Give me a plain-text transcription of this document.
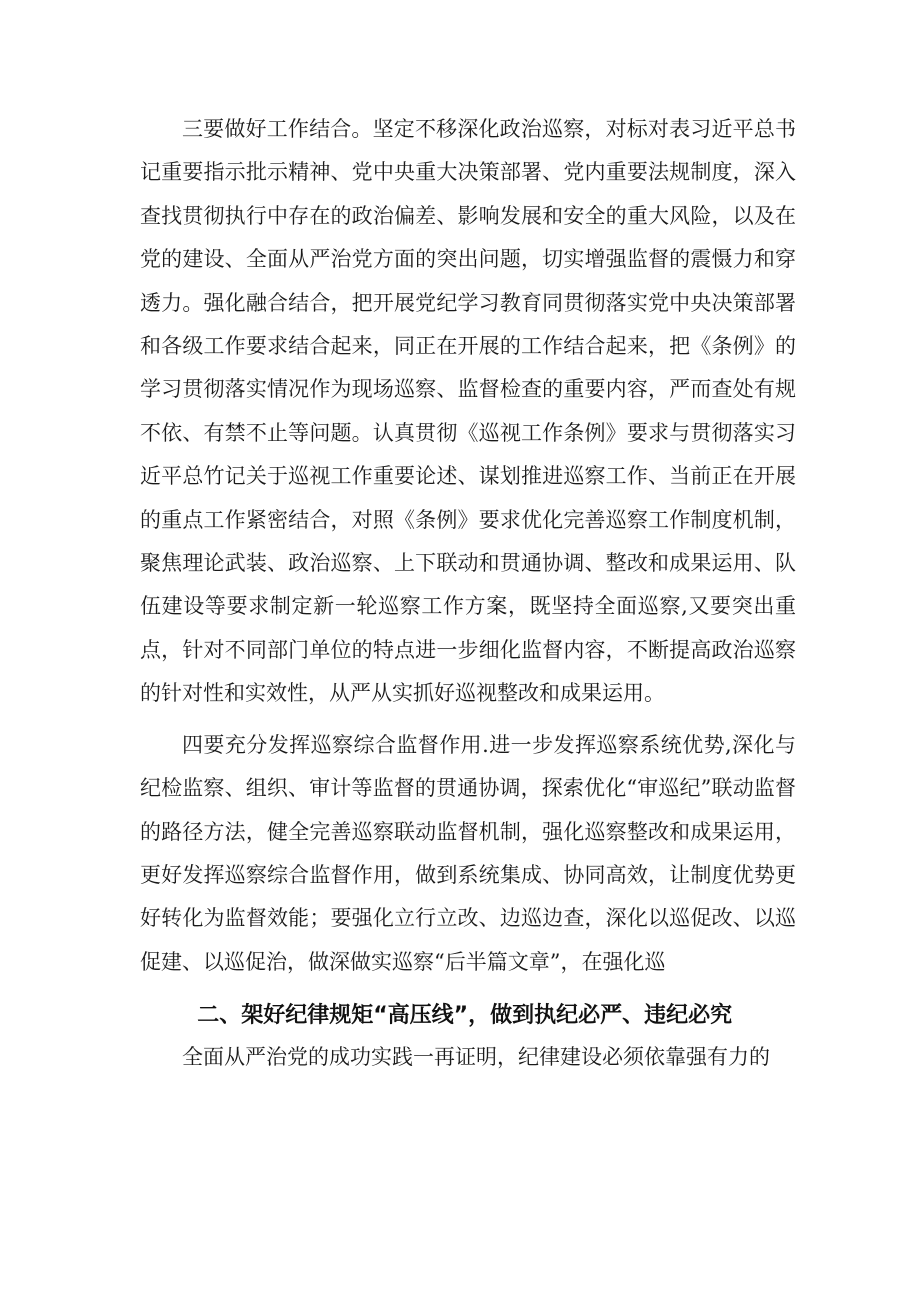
三要做好工作结合。坚定不移深化政治巡察，对标对表习近平总书记重要指示批示精神、党中央重大决策部署、党内重要法规制度，深入查找贯彻执行中存在的政治偏差、影响发展和安全的重大风险，以及在党的建设、全面从严治党方面的突出问题，切实增强监督的震慑力和穿透力。强化融合结合，把开展党纪学习教育同贯彻落实党中央决策部署和各级工作要求结合起来，同正在开展的工作结合起来，把《条例》的学习贯彻落实情况作为现场巡察、监督检查的重要内容，严而查处有规不依、有禁不止等问题。认真贯彻《巡视工作条例》要求与贯彻落实习近平总竹记关于巡视工作重要论述、谋划推进巡察工作、当前正在开展的重点工作紧密结合，对照《条例》要求优化完善巡察工作制度机制，聚焦理论武装、政治巡察、上下联动和贯通协调、整改和成果运用、队伍建设等要求制定新一轮巡察工作方案，既坚持全面巡察,又要突出重点，针对不同部门单位的特点进一步细化监督内容，不断提高政治巡察的针对性和实效性，从严从实抓好巡视整改和成果运用。

四要充分发挥巡察综合监督作用.进一步发挥巡察系统优势,深化与纪检监察、组织、审计等监督的贯通协调，探索优化“审巡纪”联动监督的路径方法，健全完善巡察联动监督机制，强化巡察整改和成果运用，更好发挥巡察综合监督作用，做到系统集成、协同高效，让制度优势更好转化为监督效能；要强化立行立改、边巡边查，深化以巡促改、以巡促建、以巡促治，做深做实巡察“后半篇文章”，在强化巡

二、架好纪律规矩“高压线”，做到执纪必严、违纪必究

全面从严治党的成功实践一再证明，纪律建设必须依靠强有力的
